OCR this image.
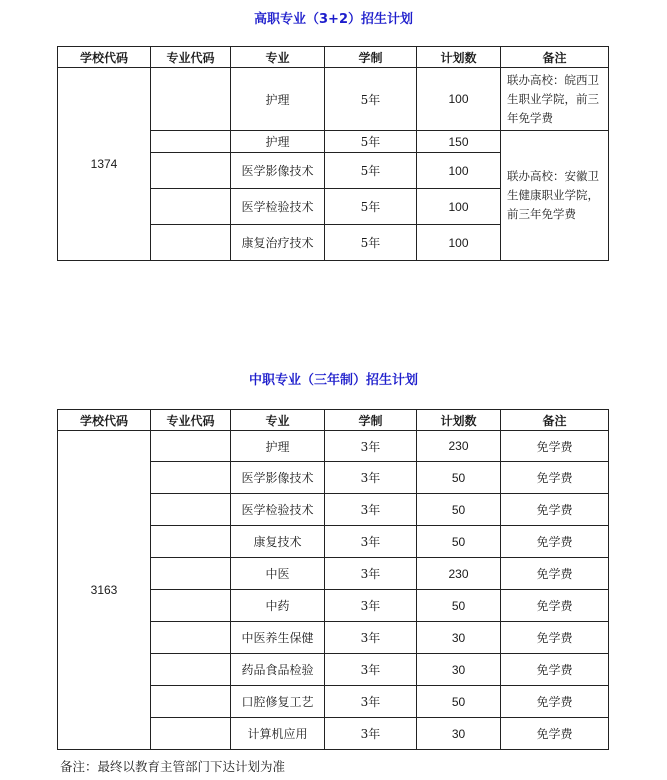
高职专业（3+2）招生计划
学校代码	专业代码	专业	学制	计划数	备注
1374		护理	5年	100	联办高校：皖西卫生职业学院，前三年免学费
		护理	5年	150	联办高校：安徽卫生健康职业学院，前三年免学费
		医学影像技术	5年	100	
		医学检验技术	5年	100	
		康复治疗技术	5年	100	
中职专业（三年制）招生计划
学校代码	专业代码	专业	学制	计划数	备注
3163		护理	3年	230	免学费
		医学影像技术	3年	50	免学费
		医学检验技术	3年	50	免学费
		康复技术	3年	50	免学费
		中医	3年	230	免学费
		中药	3年	50	免学费
		中医养生保健	3年	30	免学费
		药品食品检验	3年	30	免学费
		口腔修复工艺	3年	50	免学费
		计算机应用	3年	30	免学费
备注：最终以教育主管部门下达计划为准
